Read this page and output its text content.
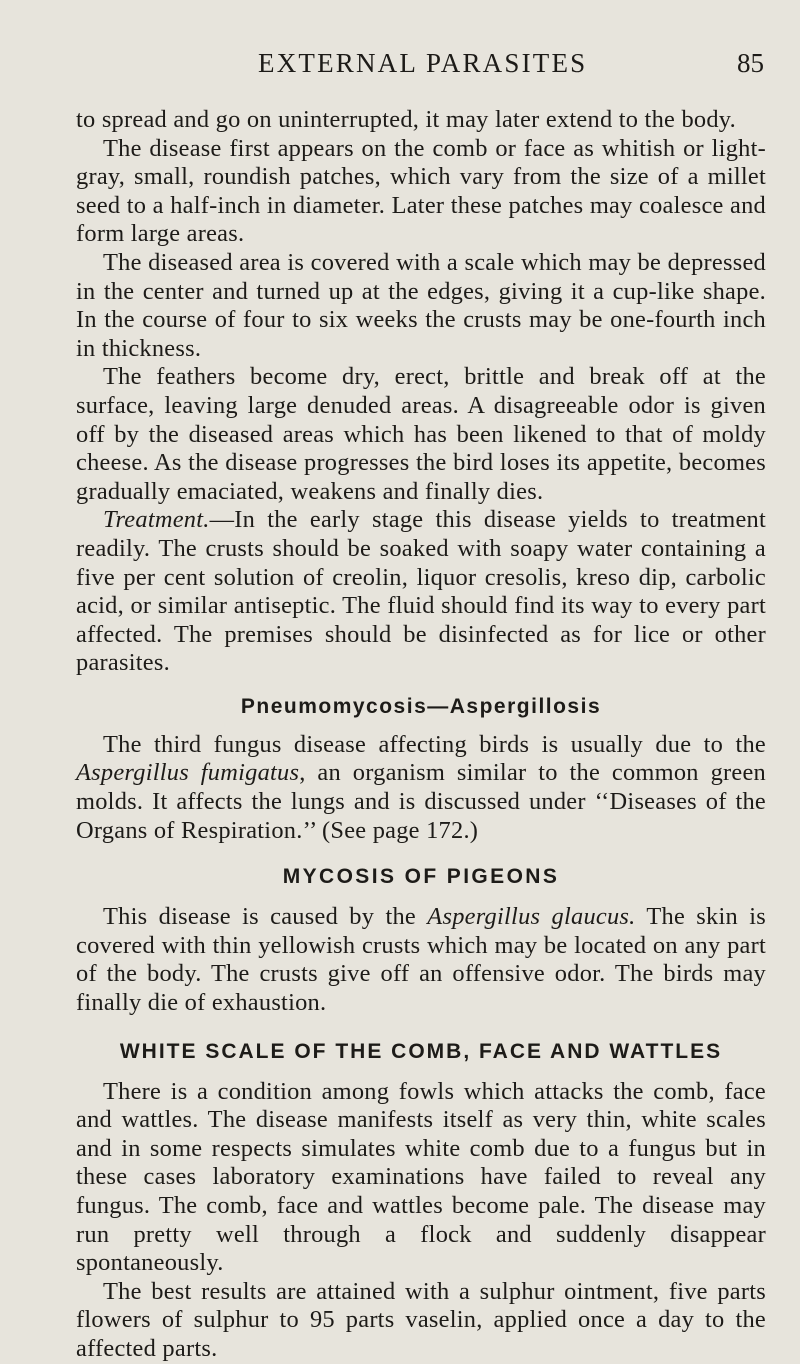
EXTERNAL PARASITES	85

to spread and go on uninterrupted, it may later extend to the body.

The disease first appears on the comb or face as whitish or light-gray, small, roundish patches, which vary from the size of a millet seed to a half-inch in diameter. Later these patches may coalesce and form large areas.

The diseased area is covered with a scale which may be depressed in the center and turned up at the edges, giving it a cup-like shape. In the course of four to six weeks the crusts may be one-fourth inch in thickness.

The feathers become dry, erect, brittle and break off at the surface, leaving large denuded areas. A disagreeable odor is given off by the diseased areas which has been likened to that of moldy cheese. As the disease progresses the bird loses its appetite, becomes gradually emaciated, weakens and finally dies.

Treatment.—In the early stage this disease yields to treatment readily. The crusts should be soaked with soapy water containing a five per cent solution of creolin, liquor cresolis, kreso dip, carbolic acid, or similar antiseptic. The fluid should find its way to every part affected. The premises should be disinfected as for lice or other parasites.

Pneumomycosis—Aspergillosis

The third fungus disease affecting birds is usually due to the Aspergillus fumigatus, an organism similar to the common green molds. It affects the lungs and is discussed under ‘‘Diseases of the Organs of Respiration.’’ (See page 172.)

MYCOSIS OF PIGEONS

This disease is caused by the Aspergillus glaucus. The skin is covered with thin yellowish crusts which may be located on any part of the body. The crusts give off an offensive odor. The birds may finally die of exhaustion.

WHITE SCALE OF THE COMB, FACE AND WATTLES

There is a condition among fowls which attacks the comb, face and wattles. The disease manifests itself as very thin, white scales and in some respects simulates white comb due to a fungus but in these cases laboratory examinations have failed to reveal any fungus. The comb, face and wattles become pale. The disease may run pretty well through a flock and suddenly disappear spontaneously.

The best results are attained with a sulphur ointment, five parts flowers of sulphur to 95 parts vaselin, applied once a day to the affected parts.
